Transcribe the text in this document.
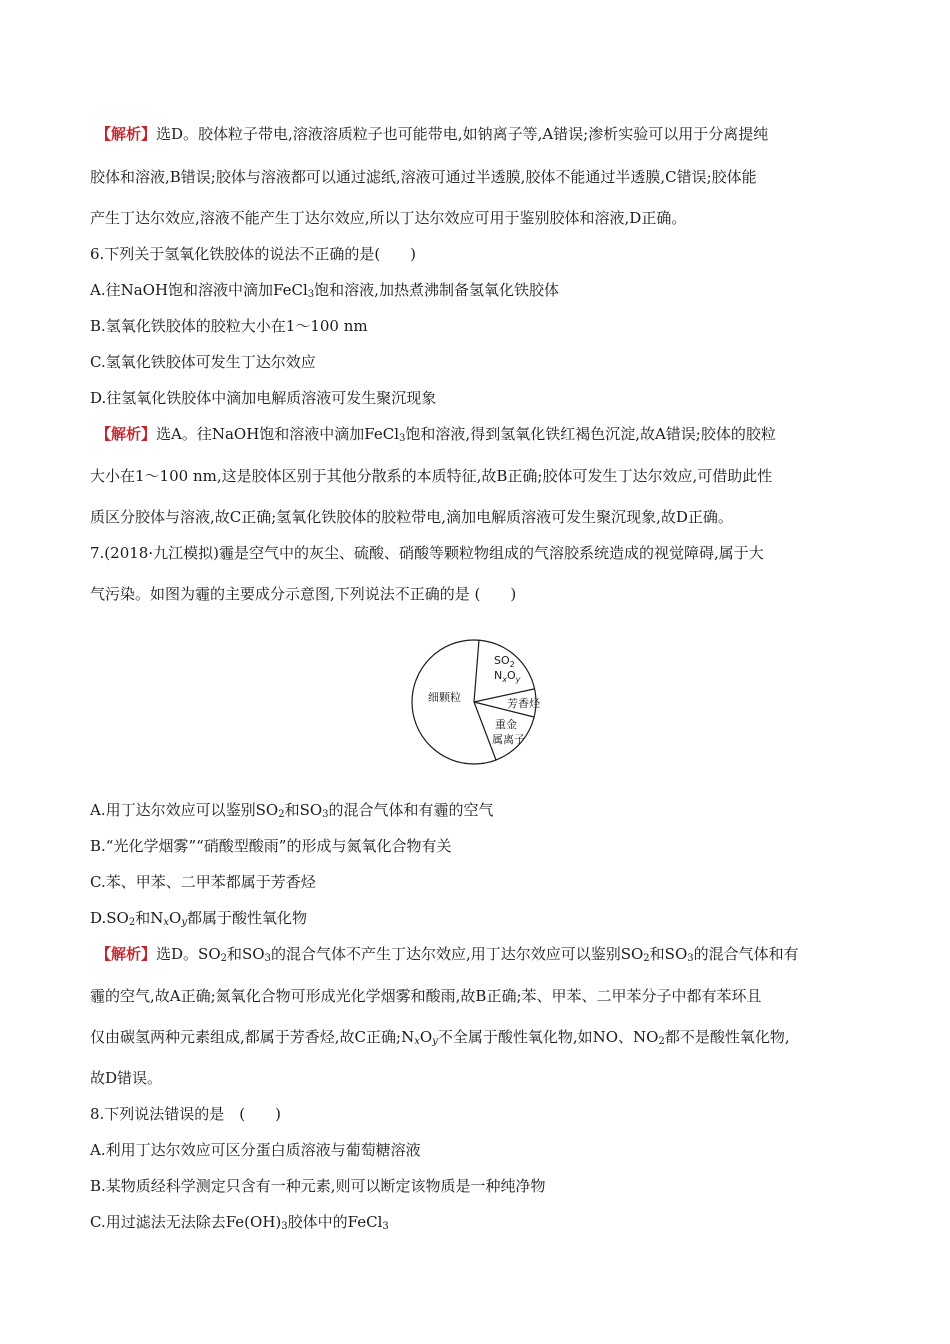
【解析】选D。胶体粒子带电,溶液溶质粒子也可能带电,如钠离子等,A错误;渗析实验可以用于分离提纯
胶体和溶液,B错误;胶体与溶液都可以通过滤纸,溶液可通过半透膜,胶体不能通过半透膜,C错误;胶体能
产生丁达尔效应,溶液不能产生丁达尔效应,所以丁达尔效应可用于鉴别胶体和溶液,D正确。
6.下列关于氢氧化铁胶体的说法不正确的是(　　)
A.往NaOH饱和溶液中滴加FeCl$_3$饱和溶液,加热煮沸制备氢氧化铁胶体
B.氢氧化铁胶体的胶粒大小在1～100 nm
C.氢氧化铁胶体可发生丁达尔效应
D.往氢氧化铁胶体中滴加电解质溶液可发生聚沉现象
【解析】选A。往NaOH饱和溶液中滴加FeCl$_3$饱和溶液,得到氢氧化铁红褐色沉淀,故A错误;胶体的胶粒
大小在1～100 nm,这是胶体区别于其他分散系的本质特征,故B正确;胶体可发生丁达尔效应,可借助此性
质区分胶体与溶液,故C正确;氢氧化铁胶体的胶粒带电,滴加电解质溶液可发生聚沉现象,故D正确。
7.(2018·九江模拟)霾是空气中的灰尘、硫酸、硝酸等颗粒物组成的气溶胶系统造成的视觉障碍,属于大
气污染。如图为霾的主要成分示意图,下列说法不正确的是 (　　)
细颗粒
$SO_2$
$N_xO_y$
芳香烃
重金
属离子
A.用丁达尔效应可以鉴别$SO_2$和$SO_3$的混合气体和有霾的空气
B.“光化学烟雾”“硝酸型酸雨”的形成与氮氧化合物有关
C.苯、甲苯、二甲苯都属于芳香烃
$D.SO_2$和$N_xO_y$都属于酸性氧化物
【解析】选D。$SO_2$和$SO_3$的混合气体不产生丁达尔效应,用丁达尔效应可以鉴别$SO_2$和$SO_3$的混合气体和有
霾的空气,故A正确;氮氧化合物可形成光化学烟雾和酸雨,故B正确;苯、甲苯、二甲苯分子中都有苯环且
仅由碳氢两种元素组成,都属于芳香烃,故C正确$;N_xO_y$不全属于酸性氧化物,如NO、$NO_2$都不是酸性氧化物,
故D错误。
8.下列说法错误的是　(　　)
A.利用丁达尔效应可区分蛋白质溶液与葡萄糖溶液
B.某物质经科学测定只含有一种元素,则可以断定该物质是一种纯净物
C.用过滤法无法除去$Fe(OH)_3$胶体中的FeCl$_3$
